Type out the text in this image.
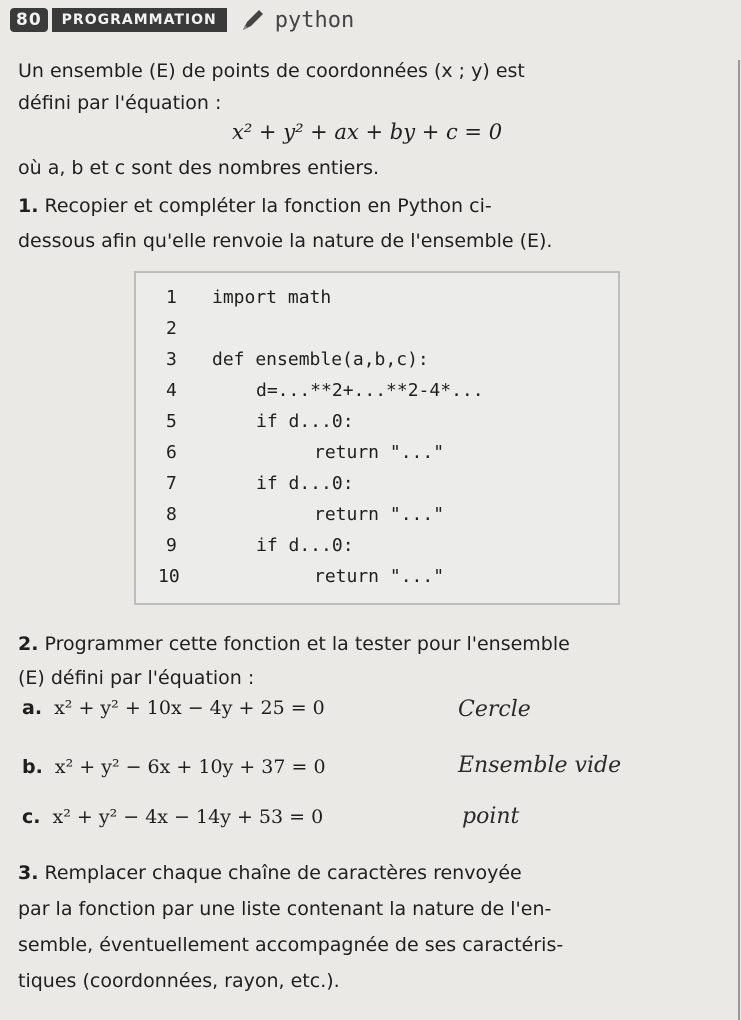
80	PROGRAMMATION	python
Un ensemble (E) de points de coordonnées (x ; y) est
défini par l'équation :
x² + y² + ax + by + c = 0
où a, b et c sont des nombres entiers.
1. Recopier et compléter la fonction en Python ci-
dessous afin qu'elle renvoie la nature de l'ensemble (E).
1	import math
2
3	def ensemble(a,b,c):
4	d=...**2+...**2-4*...
5	if d...0:
6	return "..."
7	if d...0:
8	return "..."
9	if d...0:
10	return "..."
2. Programmer cette fonction et la tester pour l'ensemble
(E) défini par l'équation :
a. x² + y² + 10x − 4y + 25 = 0	Cercle
b. x² + y² − 6x + 10y + 37 = 0	Ensemble vide
c. x² + y² − 4x − 14y + 53 = 0	point
3. Remplacer chaque chaîne de caractères renvoyée
par la fonction par une liste contenant la nature de l'en-
semble, éventuellement accompagnée de ses caractéris-
tiques (coordonnées, rayon, etc.).
